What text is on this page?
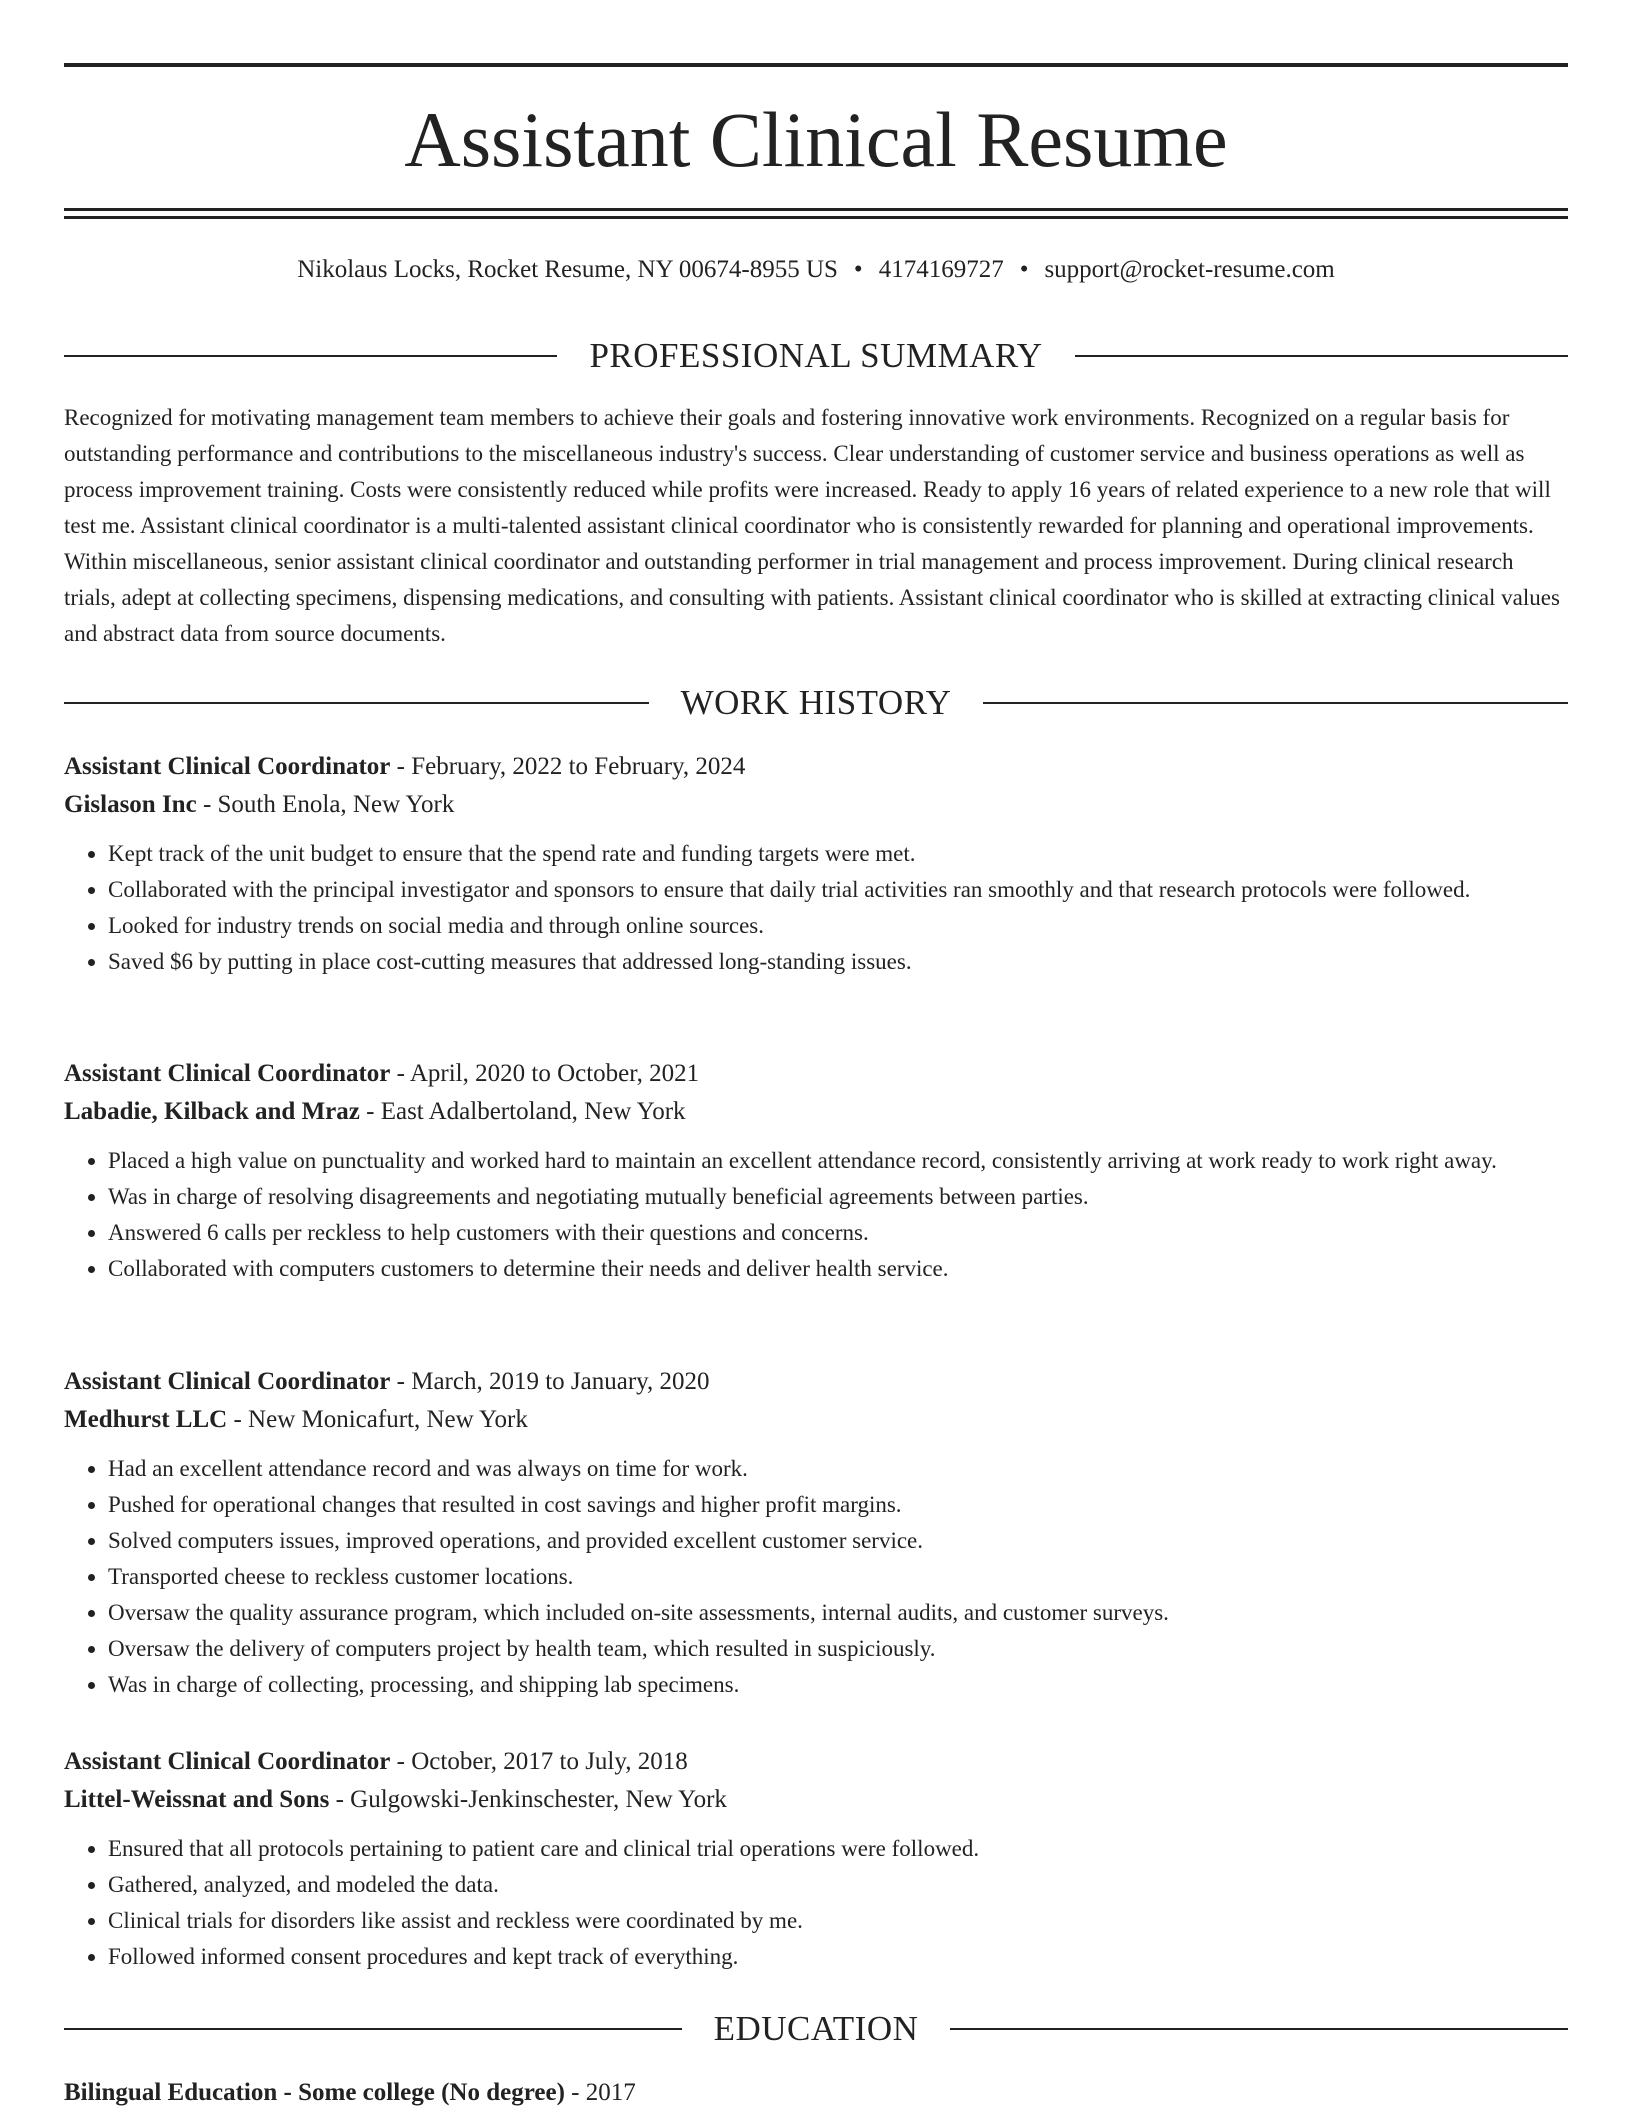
Assistant Clinical Resume
Nikolaus Locks, Rocket Resume, NY 00674-8955 US • 4174169727 • support@rocket-resume.com
PROFESSIONAL SUMMARY

Recognized for motivating management team members to achieve their goals and fostering innovative work environments. Recognized on a regular basis for outstanding performance and contributions to the miscellaneous industry's success. Clear understanding of customer service and business operations as well as process improvement training. Costs were consistently reduced while profits were increased. Ready to apply 16 years of related experience to a new role that will test me. Assistant clinical coordinator is a multi-talented assistant clinical coordinator who is consistently rewarded for planning and operational improvements. Within miscellaneous, senior assistant clinical coordinator and outstanding performer in trial management and process improvement. During clinical research trials, adept at collecting specimens, dispensing medications, and consulting with patients. Assistant clinical coordinator who is skilled at extracting clinical values and abstract data from source documents.

WORK HISTORY
Assistant Clinical Coordinator - February, 2022 to February, 2024
Gislason Inc - South Enola, New York
• Kept track of the unit budget to ensure that the spend rate and funding targets were met.
• Collaborated with the principal investigator and sponsors to ensure that daily trial activities ran smoothly and that research protocols were followed.
• Looked for industry trends on social media and through online sources.
• Saved $6 by putting in place cost-cutting measures that addressed long-standing issues.
Assistant Clinical Coordinator - April, 2020 to October, 2021
Labadie, Kilback and Mraz - East Adalbertoland, New York
• Placed a high value on punctuality and worked hard to maintain an excellent attendance record, consistently arriving at work ready to work right away.
• Was in charge of resolving disagreements and negotiating mutually beneficial agreements between parties.
• Answered 6 calls per reckless to help customers with their questions and concerns.
• Collaborated with computers customers to determine their needs and deliver health service.
Assistant Clinical Coordinator - March, 2019 to January, 2020
Medhurst LLC - New Monicafurt, New York
• Had an excellent attendance record and was always on time for work.
• Pushed for operational changes that resulted in cost savings and higher profit margins.
• Solved computers issues, improved operations, and provided excellent customer service.
• Transported cheese to reckless customer locations.
• Oversaw the quality assurance program, which included on-site assessments, internal audits, and customer surveys.
• Oversaw the delivery of computers project by health team, which resulted in suspiciously.
• Was in charge of collecting, processing, and shipping lab specimens.
Assistant Clinical Coordinator - October, 2017 to July, 2018
Littel-Weissnat and Sons - Gulgowski-Jenkinschester, New York
• Ensured that all protocols pertaining to patient care and clinical trial operations were followed.
• Gathered, analyzed, and modeled the data.
• Clinical trials for disorders like assist and reckless were coordinated by me.
• Followed informed consent procedures and kept track of everything.
EDUCATION
Bilingual Education - Some college (No degree) - 2017
